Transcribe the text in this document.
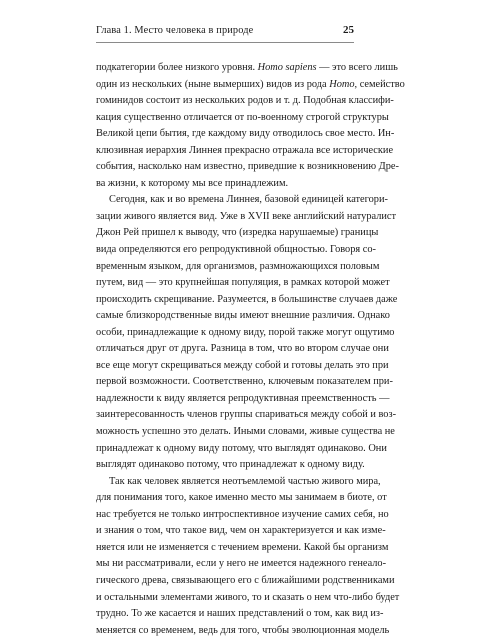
Глава 1. Место человека в природе	25
подкатегории более низкого уровня. Homo sapiens — это всего лишь
один из нескольких (ныне вымерших) видов из рода Homo, семейство
гоминидов состоит из нескольких родов и т. д. Подобная классифи-
кация существенно отличается от по-военному строгой структуры
Великой цепи бытия, где каждому виду отводилось свое место. Ин-
клюзивная иерархия Линнея прекрасно отражала все исторические
события, насколько нам известно, приведшие к возникновению Дре-
ва жизни, к которому мы все принадлежим.
Сегодня, как и во времена Линнея, базовой единицей категори-
зации живого является вид. Уже в XVII веке английский натуралист
Джон Рей пришел к выводу, что (изредка нарушаемые) границы
вида определяются его репродуктивной общностью. Говоря со-
временным языком, для организмов, размножающихся половым
путем, вид — это крупнейшая популяция, в рамках которой может
происходить скрещивание. Разумеется, в большинстве случаев даже
самые близкородственные виды имеют внешние различия. Однако
особи, принадлежащие к одному виду, порой также могут ощутимо
отличаться друг от друга. Разница в том, что во втором случае они
все еще могут скрещиваться между собой и готовы делать это при
первой возможности. Соответственно, ключевым показателем при-
надлежности к виду является репродуктивная преемственность —
заинтересованность членов группы спариваться между собой и воз-
можность успешно это делать. Иными словами, живые существа не
принадлежат к одному виду потому, что выглядят одинаково. Они
выглядят одинаково потому, что принадлежат к одному виду.
Так как человек является неотъемлемой частью живого мира,
для понимания того, какое именно место мы занимаем в биоте, от
нас требуется не только интроспективное изучение самих себя, но
и знания о том, что такое вид, чем он характеризуется и как изме-
няется или не изменяется с течением времени. Какой бы организм
мы ни рассматривали, если у него не имеется надежного генеало-
гического древа, связывающего его с ближайшими родственниками
и остальными элементами живого, то и сказать о нем что-либо будет
трудно. То же касается и наших представлений о том, как вид из-
меняется со временем, ведь для того, чтобы эволюционная модель
